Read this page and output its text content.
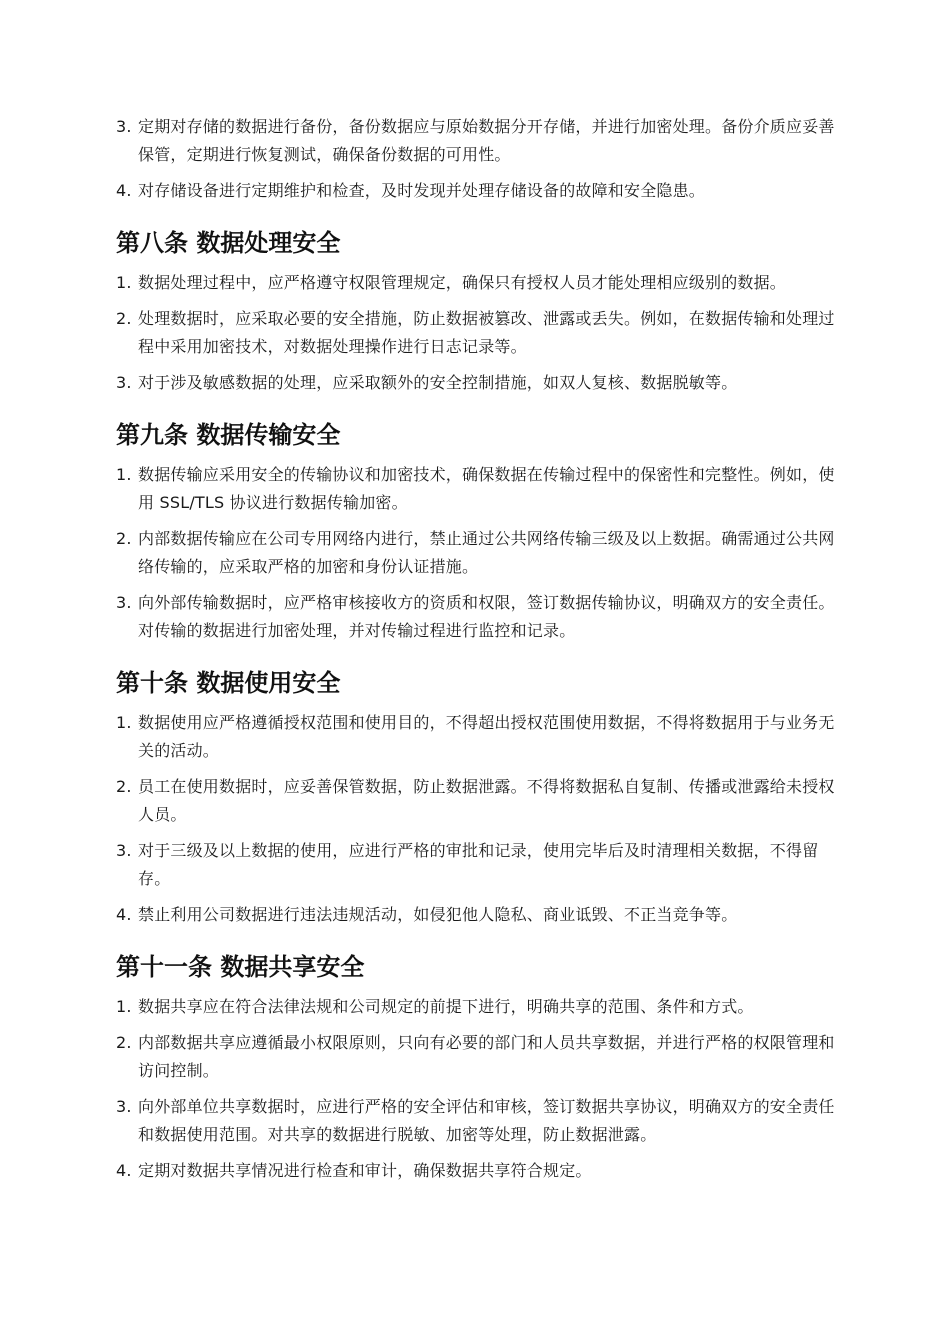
3. 定期对存储的数据进行备份，备份数据应与原始数据分开存储，并进行加密处理。备份介质应妥善保管，定期进行恢复测试，确保备份数据的可用性。
4. 对存储设备进行定期维护和检查，及时发现并处理存储设备的故障和安全隐患。
第八条 数据处理安全
1. 数据处理过程中，应严格遵守权限管理规定，确保只有授权人员才能处理相应级别的数据。
2. 处理数据时，应采取必要的安全措施，防止数据被篡改、泄露或丢失。例如，在数据传输和处理过程中采用加密技术，对数据处理操作进行日志记录等。
3. 对于涉及敏感数据的处理，应采取额外的安全控制措施，如双人复核、数据脱敏等。
第九条 数据传输安全
1. 数据传输应采用安全的传输协议和加密技术，确保数据在传输过程中的保密性和完整性。例如，使用 SSL/TLS 协议进行数据传输加密。
2. 内部数据传输应在公司专用网络内进行，禁止通过公共网络传输三级及以上数据。确需通过公共网络传输的，应采取严格的加密和身份认证措施。
3. 向外部传输数据时，应严格审核接收方的资质和权限，签订数据传输协议，明确双方的安全责任。对传输的数据进行加密处理，并对传输过程进行监控和记录。
第十条 数据使用安全
1. 数据使用应严格遵循授权范围和使用目的，不得超出授权范围使用数据，不得将数据用于与业务无关的活动。
2. 员工在使用数据时，应妥善保管数据，防止数据泄露。不得将数据私自复制、传播或泄露给未授权人员。
3. 对于三级及以上数据的使用，应进行严格的审批和记录，使用完毕后及时清理相关数据，不得留存。
4. 禁止利用公司数据进行违法违规活动，如侵犯他人隐私、商业诋毁、不正当竞争等。
第十一条 数据共享安全
1. 数据共享应在符合法律法规和公司规定的前提下进行，明确共享的范围、条件和方式。
2. 内部数据共享应遵循最小权限原则，只向有必要的部门和人员共享数据，并进行严格的权限管理和访问控制。
3. 向外部单位共享数据时，应进行严格的安全评估和审核，签订数据共享协议，明确双方的安全责任和数据使用范围。对共享的数据进行脱敏、加密等处理，防止数据泄露。
4. 定期对数据共享情况进行检查和审计，确保数据共享符合规定。
